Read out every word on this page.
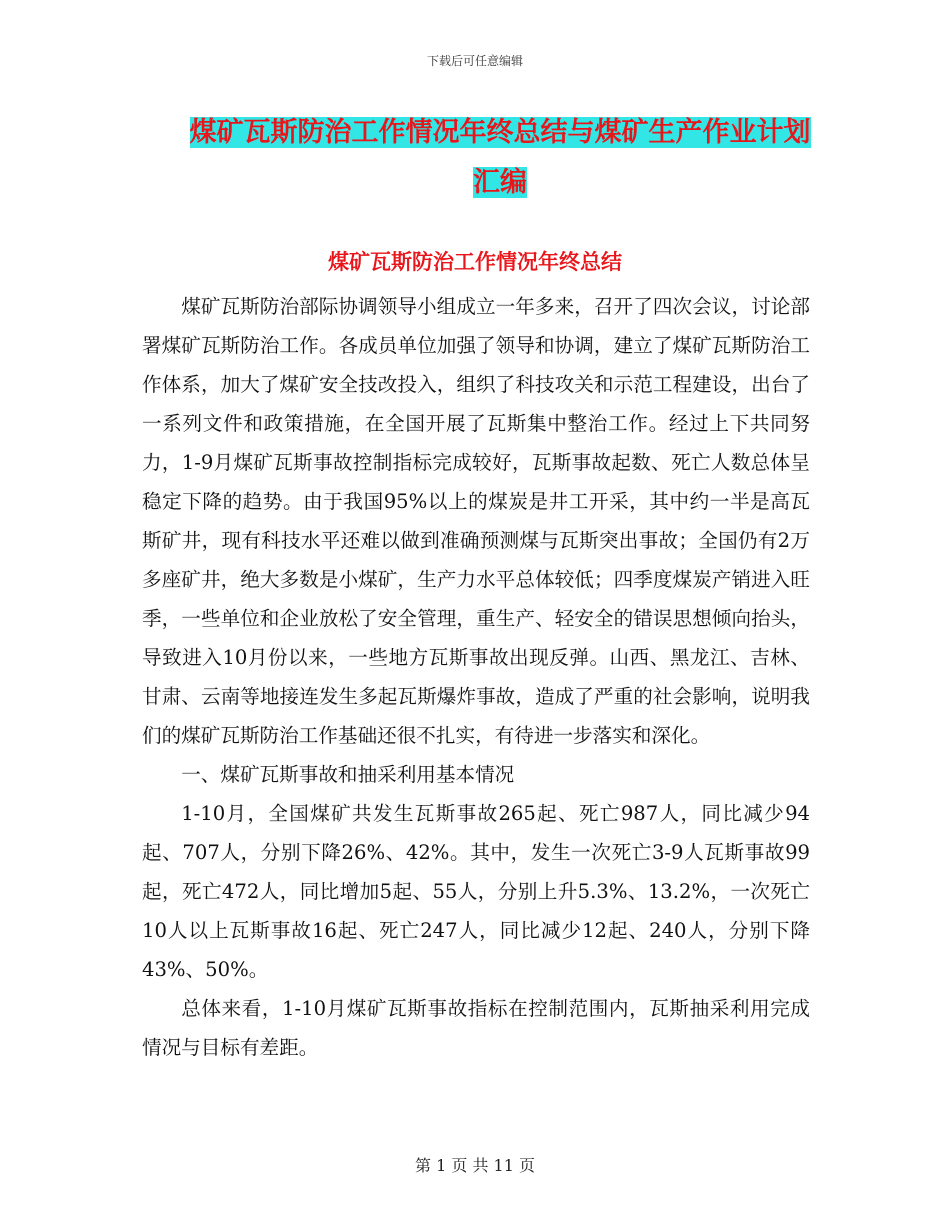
下载后可任意编辑
煤矿瓦斯防治工作情况年终总结与煤矿生产作业计划
汇编
煤矿瓦斯防治工作情况年终总结

煤矿瓦斯防治部际协调领导小组成立一年多来，召开了四次会议，讨论部署煤矿瓦斯防治工作。各成员单位加强了领导和协调，建立了煤矿瓦斯防治工作体系，加大了煤矿安全技改投入，组织了科技攻关和示范工程建设，出台了一系列文件和政策措施，在全国开展了瓦斯集中整治工作。经过上下共同努力，1-9月煤矿瓦斯事故控制指标完成较好，瓦斯事故起数、死亡人数总体呈稳定下降的趋势。由于我国95%以上的煤炭是井工开采，其中约一半是高瓦斯矿井，现有科技水平还难以做到准确预测煤与瓦斯突出事故；全国仍有2万多座矿井，绝大多数是小煤矿，生产力水平总体较低；四季度煤炭产销进入旺季，一些单位和企业放松了安全管理，重生产、轻安全的错误思想倾向抬头，导致进入10月份以来，一些地方瓦斯事故出现反弹。山西、黑龙江、吉林、甘肃、云南等地接连发生多起瓦斯爆炸事故，造成了严重的社会影响，说明我们的煤矿瓦斯防治工作基础还很不扎实，有待进一步落实和深化。

一、煤矿瓦斯事故和抽采利用基本情况

1-10月，全国煤矿共发生瓦斯事故265起、死亡987人，同比减少94起、707人，分别下降26%、42%。其中，发生一次死亡3-9人瓦斯事故99起，死亡472人，同比增加5起、55人，分别上升5.3%、13.2%，一次死亡10人以上瓦斯事故16起、死亡247人，同比减少12起、240人，分别下降43%、50%。

总体来看，1-10月煤矿瓦斯事故指标在控制范围内，瓦斯抽采利用完成情况与目标有差距。

第 1 页 共 11 页
